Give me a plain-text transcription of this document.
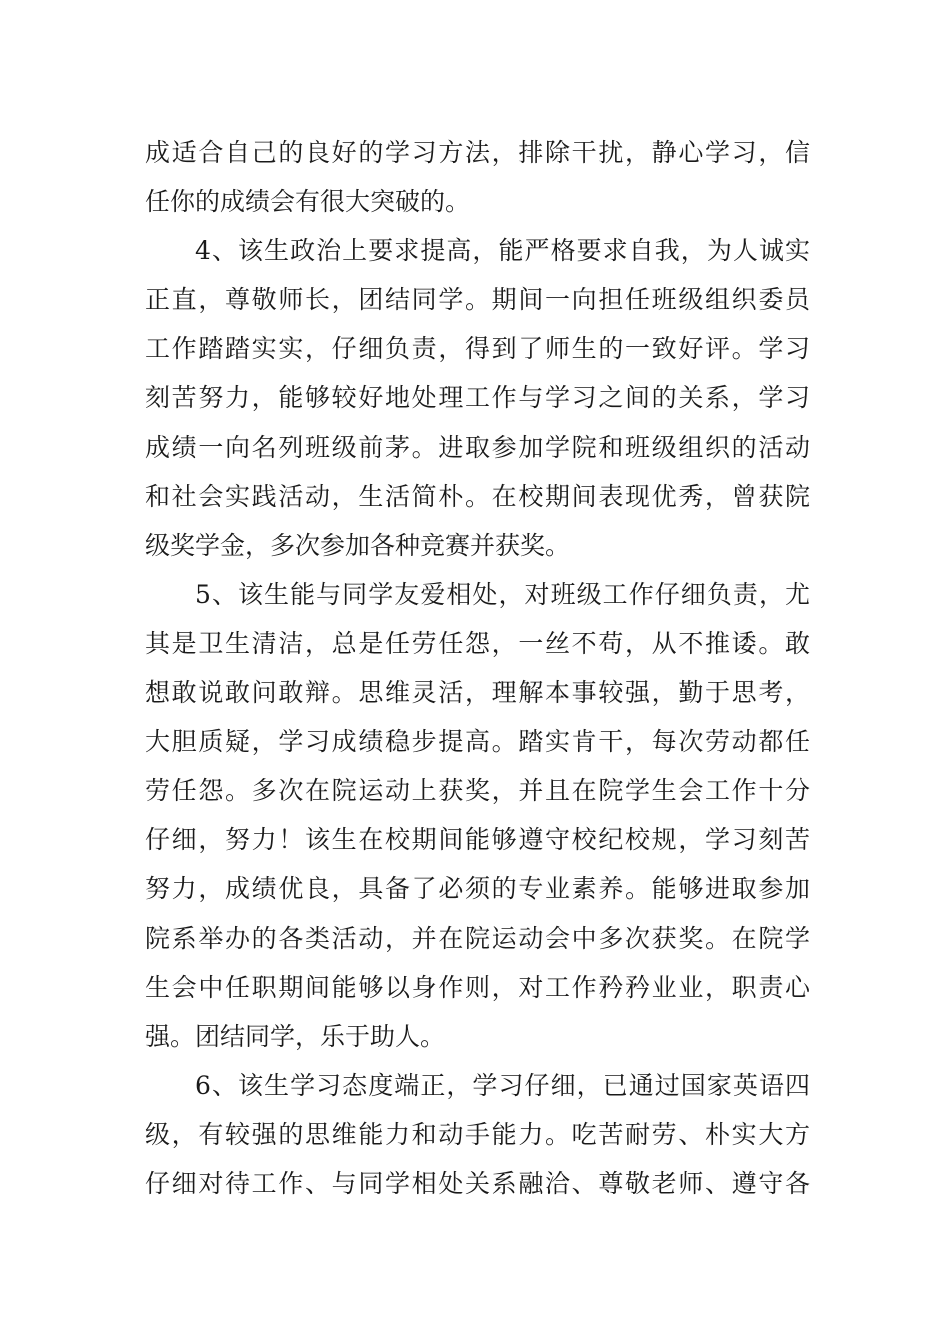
成适合自己的良好的学习方法，排除干扰，静心学习，信
任你的成绩会有很大突破的。
4、该生政治上要求提高，能严格要求自我，为人诚实
正直，尊敬师长，团结同学。期间一向担任班级组织委员
工作踏踏实实，仔细负责，得到了师生的一致好评。学习
刻苦努力，能够较好地处理工作与学习之间的关系，学习
成绩一向名列班级前茅。进取参加学院和班级组织的活动
和社会实践活动，生活简朴。在校期间表现优秀，曾获院
级奖学金，多次参加各种竞赛并获奖。
5、该生能与同学友爱相处，对班级工作仔细负责，尤
其是卫生清洁，总是任劳任怨，一丝不苟，从不推诿。敢
想敢说敢问敢辩。思维灵活，理解本事较强，勤于思考，
大胆质疑，学习成绩稳步提高。踏实肯干，每次劳动都任
劳任怨。多次在院运动上获奖，并且在院学生会工作十分
仔细，努力！该生在校期间能够遵守校纪校规，学习刻苦
努力，成绩优良，具备了必须的专业素养。能够进取参加
院系举办的各类活动，并在院运动会中多次获奖。在院学
生会中任职期间能够以身作则，对工作矜矜业业，职责心
强。团结同学，乐于助人。
6、该生学习态度端正，学习仔细，已通过国家英语四
级，有较强的思维能力和动手能力。吃苦耐劳、朴实大方
仔细对待工作、与同学相处关系融洽、尊敬老师、遵守各
